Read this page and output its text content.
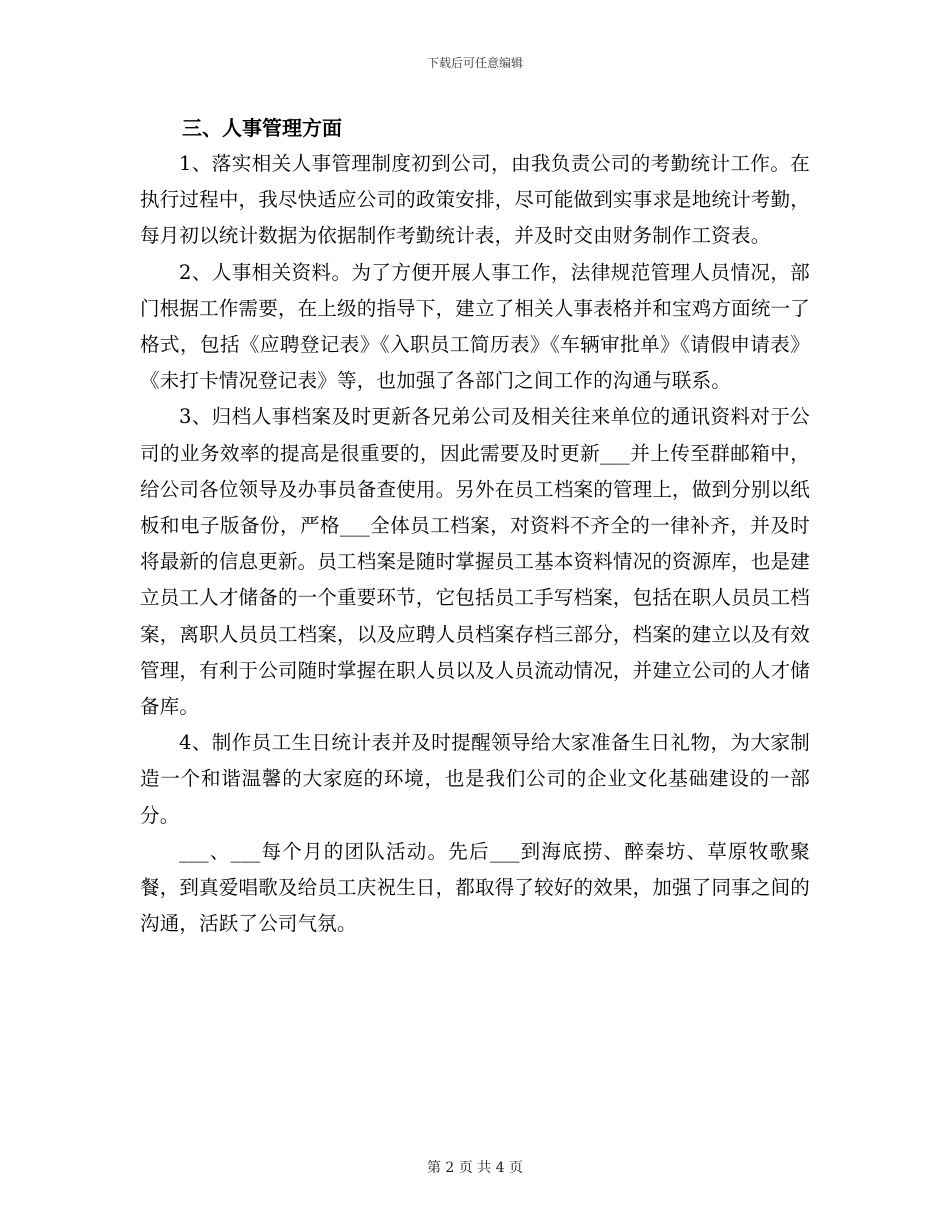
下载后可任意编辑
三、人事管理方面

1、落实相关人事管理制度初到公司，由我负责公司的考勤统计工作。在执行过程中，我尽快适应公司的政策安排，尽可能做到实事求是地统计考勤，每月初以统计数据为依据制作考勤统计表，并及时交由财务制作工资表。

2、人事相关资料。为了方便开展人事工作，法律规范管理人员情况，部门根据工作需要，在上级的指导下，建立了相关人事表格并和宝鸡方面统一了格式，包括《应聘登记表》《入职员工简历表》《车辆审批单》《请假申请表》《未打卡情况登记表》等，也加强了各部门之间工作的沟通与联系。

3、归档人事档案及时更新各兄弟公司及相关往来单位的通讯资料对于公司的业务效率的提高是很重要的，因此需要及时更新___并上传至群邮箱中，给公司各位领导及办事员备查使用。另外在员工档案的管理上，做到分别以纸板和电子版备份，严格___全体员工档案，对资料不齐全的一律补齐，并及时将最新的信息更新。员工档案是随时掌握员工基本资料情况的资源库，也是建立员工人才储备的一个重要环节，它包括员工手写档案，包括在职人员员工档案，离职人员员工档案，以及应聘人员档案存档三部分，档案的建立以及有效管理，有利于公司随时掌握在职人员以及人员流动情况，并建立公司的人才储备库。

4、制作员工生日统计表并及时提醒领导给大家准备生日礼物，为大家制造一个和谐温馨的大家庭的环境，也是我们公司的企业文化基础建设的一部分。

___、___每个月的团队活动。先后___到海底捞、醉秦坊、草原牧歌聚餐，到真爱唱歌及给员工庆祝生日，都取得了较好的效果，加强了同事之间的沟通，活跃了公司气氛。

第 2 页 共 4 页
